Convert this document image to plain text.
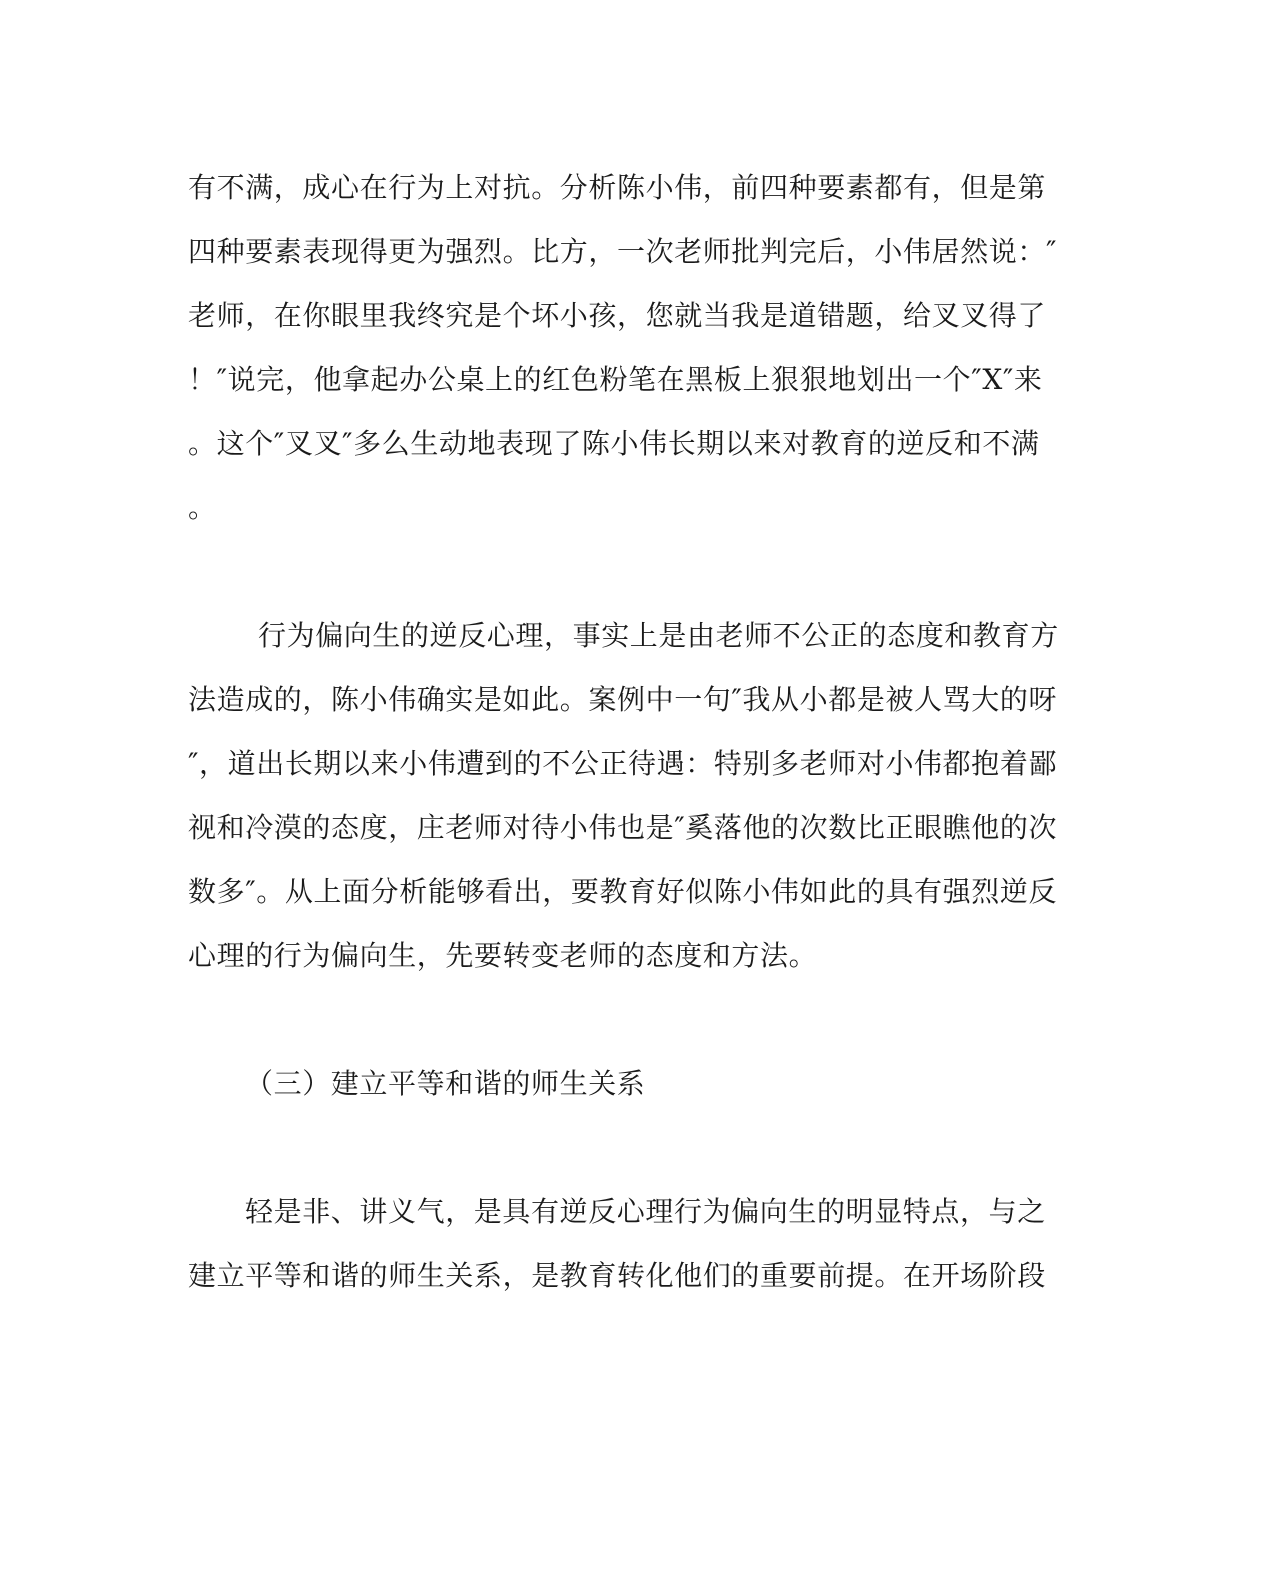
有不满，成心在行为上对抗。分析陈小伟，前四种要素都有，但是第

四种要素表现得更为强烈。比方，一次老师批判完后，小伟居然说：″

老师，在你眼里我终究是个坏小孩，您就当我是道错题，给叉叉得了

！″说完，他拿起办公桌上的红色粉笔在黑板上狠狠地划出一个″X″来

。这个″叉叉″多么生动地表现了陈小伟长期以来对教育的逆反和不满

。

行为偏向生的逆反心理，事实上是由老师不公正的态度和教育方

法造成的，陈小伟确实是如此。案例中一句″我从小都是被人骂大的呀

″，道出长期以来小伟遭到的不公正待遇：特别多老师对小伟都抱着鄙

视和冷漠的态度，庄老师对待小伟也是″奚落他的次数比正眼瞧他的次

数多″。从上面分析能够看出，要教育好似陈小伟如此的具有强烈逆反

心理的行为偏向生，先要转变老师的态度和方法。

（三）建立平等和谐的师生关系

轻是非、讲义气，是具有逆反心理行为偏向生的明显特点，与之

建立平等和谐的师生关系，是教育转化他们的重要前提。在开场阶段
